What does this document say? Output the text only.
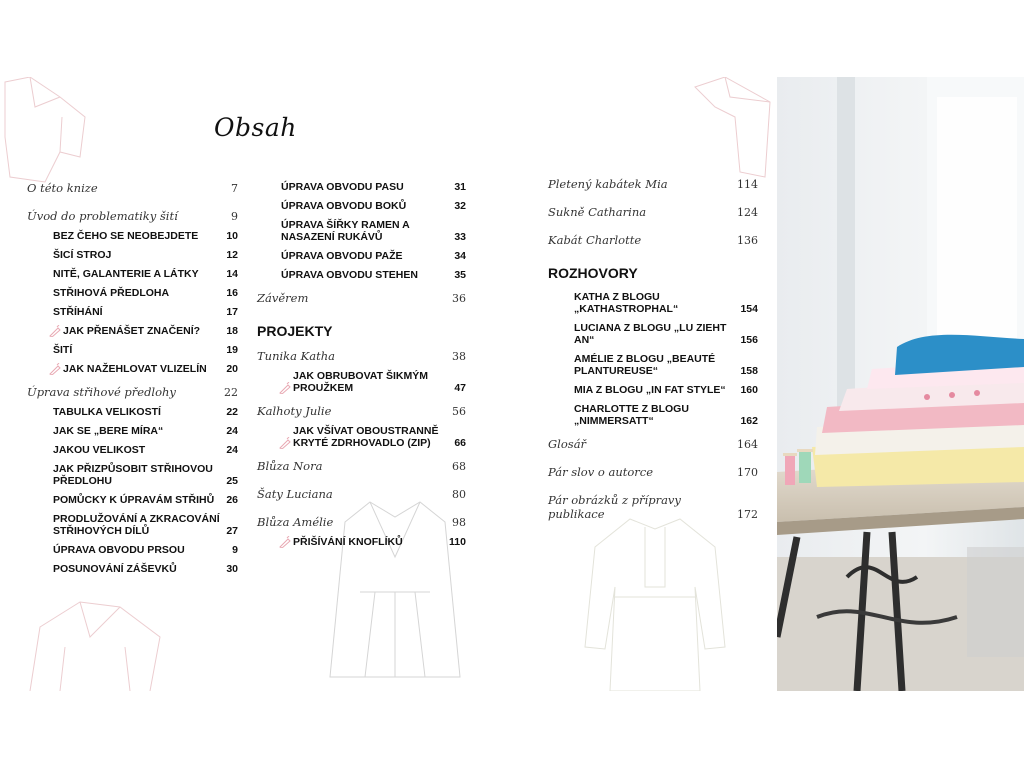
Obsah
O této knize	7
Úvod do problematiky šití	9
BEZ ČEHO SE NEOBEJDETE	10
ŠICÍ STROJ	12
NITĚ, GALANTERIE A LÁTKY	14
STŘIHOVÁ PŘEDLOHA	16
STŘÍHÁNÍ	17
JAK PŘENÁŠET ZNAČENÍ?	18
ŠITÍ	19
JAK NAŽEHLOVAT VLIZELÍN	20
Úprava střihové předlohy	22
TABULKA VELIKOSTÍ	22
JAK SE „BERE MÍRA“	24
JAKOU VELIKOST	24
JAK PŘIZPŮSOBIT STŘIHOVOU PŘEDLOHU	25
POMŮCKY K ÚPRAVÁM STŘIHŮ	26
PRODLUŽOVÁNÍ A ZKRACOVÁNÍ STŘIHOVÝCH DÍLŮ	27
ÚPRAVA OBVODU PRSOU	9
POSUNOVÁNÍ ZÁŠEVKŮ	30
ÚPRAVA OBVODU PASU	31
ÚPRAVA OBVODU BOKŮ	32
ÚPRAVA ŠÍŘKY RAMEN A NASAZENÍ RUKÁVŮ	33
ÚPRAVA OBVODU PAŽE	34
ÚPRAVA OBVODU STEHEN	35
Závěrem	36
PROJEKTY
Tunika Katha	38
JAK OBRUBOVAT ŠIKMÝM PROUŽKEM	47
Kalhoty Julie	56
JAK VŠÍVAT OBOUSTRANNĚ KRYTÉ ZDRHOVADLO (ZIP)	66
Blůza Nora	68
Šaty Luciana	80
Blůza Amélie	98
PŘIŠÍVÁNÍ KNOFLÍKŮ	110
Pletený kabátek Mia	114
Sukně Catharina	124
Kabát Charlotte	136
ROZHOVORY
KATHA Z BLOGU „KATHASTROPHAL“	154
LUCIANA Z BLOGU „LU ZIEHT AN“	156
AMÉLIE Z BLOGU „BEAUTÉ PLANTUREUSE“	158
MIA Z BLOGU „IN FAT STYLE“	160
CHARLOTTE Z BLOGU „NIMMERSATT“	162
Glosář	164
Pár slov o autorce	170
Pár obrázků z přípravy publikace	172
